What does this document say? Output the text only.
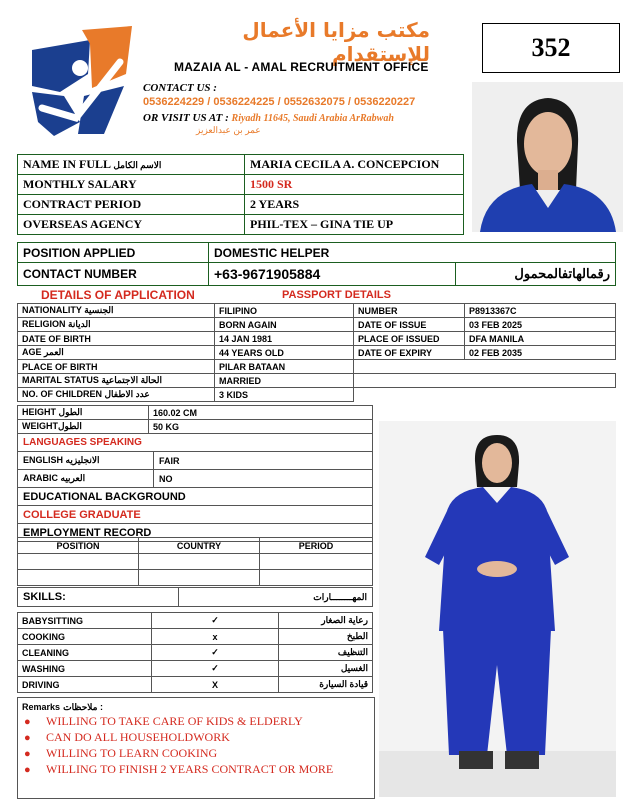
مكتب مزايا الأعمال للإستقدام
MAZAIA AL - AMAL RECRUITMENT OFFICE
CONTACT US :
0536224229 / 0536224225 / 0552632075 / 0536220227
OR VISIT US AT : Riyadh 11645, Saudi Arabia ArRabwah
عمر بن عبدالعزيز
352
NAME IN FULL الاسم الكامل	MARIA CECILA A. CONCEPCION
MONTHLY SALARY	1500 SR
CONTRACT PERIOD	2 YEARS
OVERSEAS AGENCY	PHIL-TEX – GINA TIE UP
POSITION APPLIED	DOMESTIC HELPER	
CONTACT NUMBER	+63-9671905884	رقمالهاتفالمحمول
DETAILS OF APPLICATION	PASSPORT DETAILS
NATIONALITY الجنسية	FILIPINO	NUMBER	P8913367C
RELIGION الديانة	BORN AGAIN	DATE OF ISSUE	03 FEB 2025
DATE OF BIRTH	14 JAN 1981	PLACE OF ISSUED	DFA MANILA
AGE العمر	44 YEARS OLD	DATE OF EXPIRY	02 FEB 2035
PLACE OF BIRTH	PILAR BATAAN		
MARITAL STATUS الحالة الاجتماعية	MARRIED		
NO. OF CHILDREN عدد الاطفال	3 KIDS		
HEIGHT الطول	160.02 CM
WEIGHTالطول	50 KG
LANGUAGES SPEAKING	
ENGLISH الانجليزيه	FAIR
ARABIC العربيه	NO
EDUCATIONAL BACKGROUND	
COLLEGE GRADUATE	
EMPLOYMENT RECORD	
POSITION	COUNTRY	PERIOD

SKILLS:	المهــــــــارات
BABYSITTING	✓	رعاية الصغار
COOKING	x	الطبخ
CLEANING	✓	التنظيف
WASHING	✓	الغسيل
DRIVING	X	قيادة السيارة
Remarks ملاحظات :
● WILLING TO TAKE CARE OF KIDS & ELDERLY
● CAN DO ALL HOUSEHOLDWORK
● WILLING TO LEARN COOKING
● WILLING TO FINISH 2 YEARS CONTRACT OR MORE
